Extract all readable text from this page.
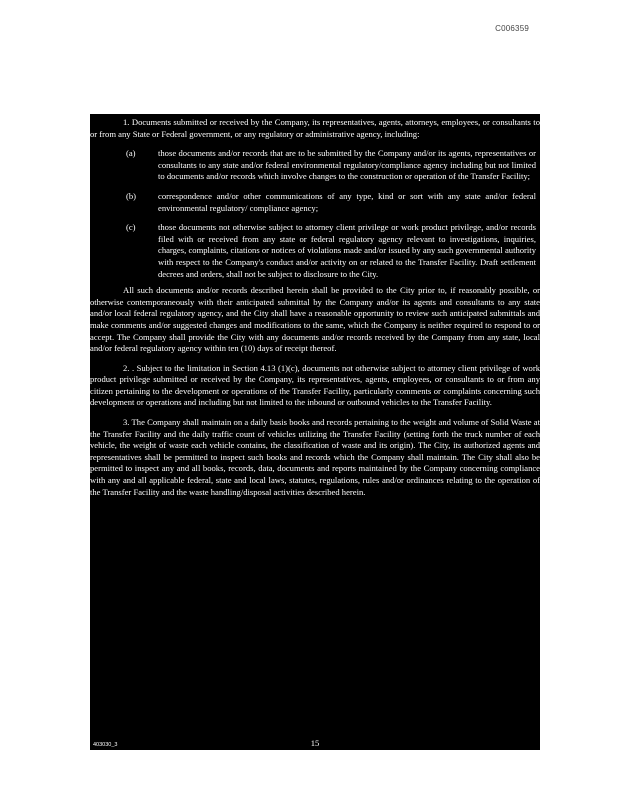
C006359

1. Documents submitted or received by the Company, its representatives, agents, attorneys, employees, or consultants to or from any State or Federal government, or any regulatory or administrative agency, including:

(a)	those documents and/or records that are to be submitted by the Company and/or its agents, representatives or consultants to any state and/or federal environmental regulatory/compliance agency including but not limited to documents and/or records which involve changes to the construction or operation of the Transfer Facility;
(b)	correspondence and/or other communications of any type, kind or sort with any state and/or federal environmental regulatory/ compliance agency;
(c)	those documents not otherwise subject to attorney client privilege or work product privilege, and/or records filed with or received from any state or federal regulatory agency relevant to investigations, inquiries, charges, complaints, citations or notices of violations made and/or issued by any such governmental authority with respect to the Company's conduct and/or activity on or related to the Transfer Facility. Draft settlement decrees and orders, shall not be subject to disclosure to the City.

All such documents and/or records described herein shall be provided to the City prior to, if reasonably possible, or otherwise contemporaneously with their anticipated submittal by the Company and/or its agents and consultants to any state and/or local federal regulatory agency, and the City shall have a reasonable opportunity to review such anticipated submittals and make comments and/or suggested changes and modifications to the same, which the Company is neither required to respond to or accept. The Company shall provide the City with any documents and/or records received by the Company from any state, local and/or federal regulatory agency within ten (10) days of receipt thereof.

2. . Subject to the limitation in Section 4.13 (1)(c), documents not otherwise subject to attorney client privilege of work product privilege submitted or received by the Company, its representatives, agents, employees, or consultants to or from any citizen pertaining to the development or operations of the Transfer Facility, particularly comments or complaints concerning such development or operations and including but not limited to the inbound or outbound vehicles to the Transfer Facility.

3. The Company shall maintain on a daily basis books and records pertaining to the weight and volume of Solid Waste at the Transfer Facility and the daily traffic count of vehicles utilizing the Transfer Facility (setting forth the truck number of each vehicle, the weight of waste each vehicle contains, the classification of waste and its origin). The City, its authorized agents and representatives shall be permitted to inspect such books and records which the Company shall maintain. The City shall also be permitted to inspect any and all books, records, data, documents and reports maintained by the Company concerning compliance with any and all applicable federal, state and local laws, statutes, regulations, rules and/or ordinances relating to the operation of the Transfer Facility and the waste handling/disposal activities described herein.

15
403030_3
